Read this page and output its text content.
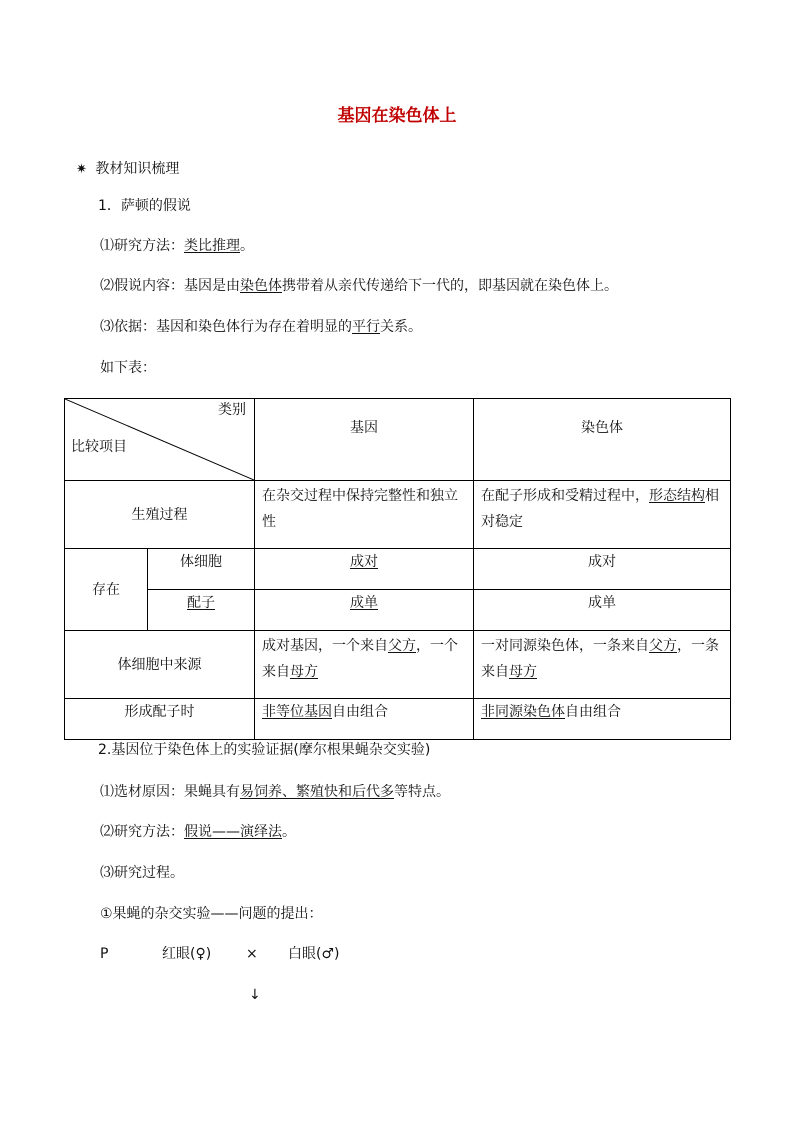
基因在染色体上
✷ 教材知识梳理
1．萨顿的假说
⑴研究方法：类比推理。
⑵假说内容：基因是由染色体携带着从亲代传递给下一代的，即基因就在染色体上。
⑶依据：基因和染色体行为存在着明显的平行关系。
如下表：
类别
比较项目		基因	染色体
生殖过程		在杂交过程中保持完整性和独立性	在配子形成和受精过程中，形态结构相对稳定
存在	体细胞	成对	成对
	配子	成单	成单
体细胞中来源		成对基因，一个来自父方，一个来自母方	一对同源染色体，一条来自父方，一条来自母方
形成配子时		非等位基因自由组合	非同源染色体自由组合
2.基因位于染色体上的实验证据(摩尔根果蝇杂交实验)
⑴选材原因：果蝇具有易饲养、繁殖快和后代多等特点。
⑵研究方法：假说——演绎法。
⑶研究过程。
①果蝇的杂交实验——问题的提出：
P	红眼(♀) × 白眼(♂)
↓
